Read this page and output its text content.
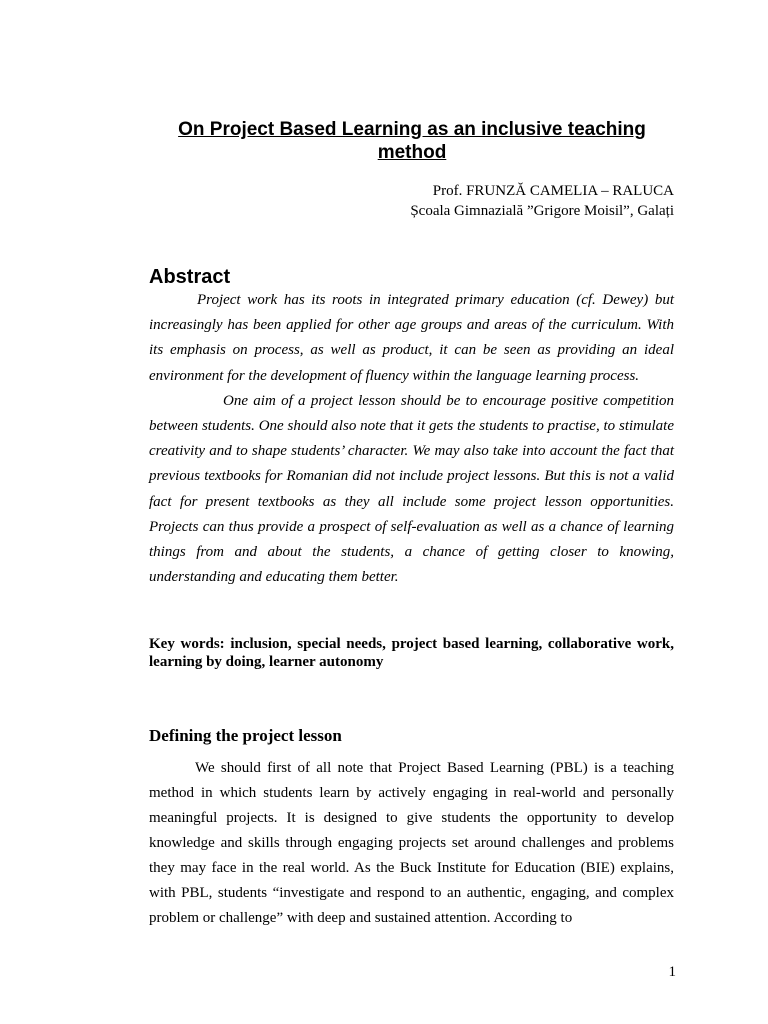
On Project Based Learning as an inclusive teaching method
Prof. FRUNZĂ CAMELIA – RALUCA
Școala Gimnazială ”Grigore Moisil”, Galați
Abstract

Project work has its roots in integrated primary education (cf. Dewey) but increasingly has been applied for other age groups and areas of the curriculum. With its emphasis on process, as well as product, it can be seen as providing an ideal environment for the development of fluency within the language learning process.

One aim of a project lesson should be to encourage positive competition between students. One should also note that it gets the students to practise, to stimulate creativity and to shape students’ character. We may also take into account the fact that previous textbooks for Romanian did not include project lessons. But this is not a valid fact for present textbooks as they all include some project lesson opportunities. Projects can thus provide a prospect of self-evaluation as well as a chance of learning things from and about the students, a chance of getting closer to knowing, understanding and educating them better.

Key words: inclusion, special needs, project based learning, collaborative work, learning by doing, learner autonomy
Defining the project lesson
We should first of all note that Project Based Learning (PBL) is a teaching method in which students learn by actively engaging in real-world and personally meaningful projects. It is designed to give students the opportunity to develop knowledge and skills through engaging projects set around challenges and problems they may face in the real world. As the Buck Institute for Education (BIE) explains, with PBL, students “investigate and respond to an authentic, engaging, and complex problem or challenge” with deep and sustained attention. According to
1
